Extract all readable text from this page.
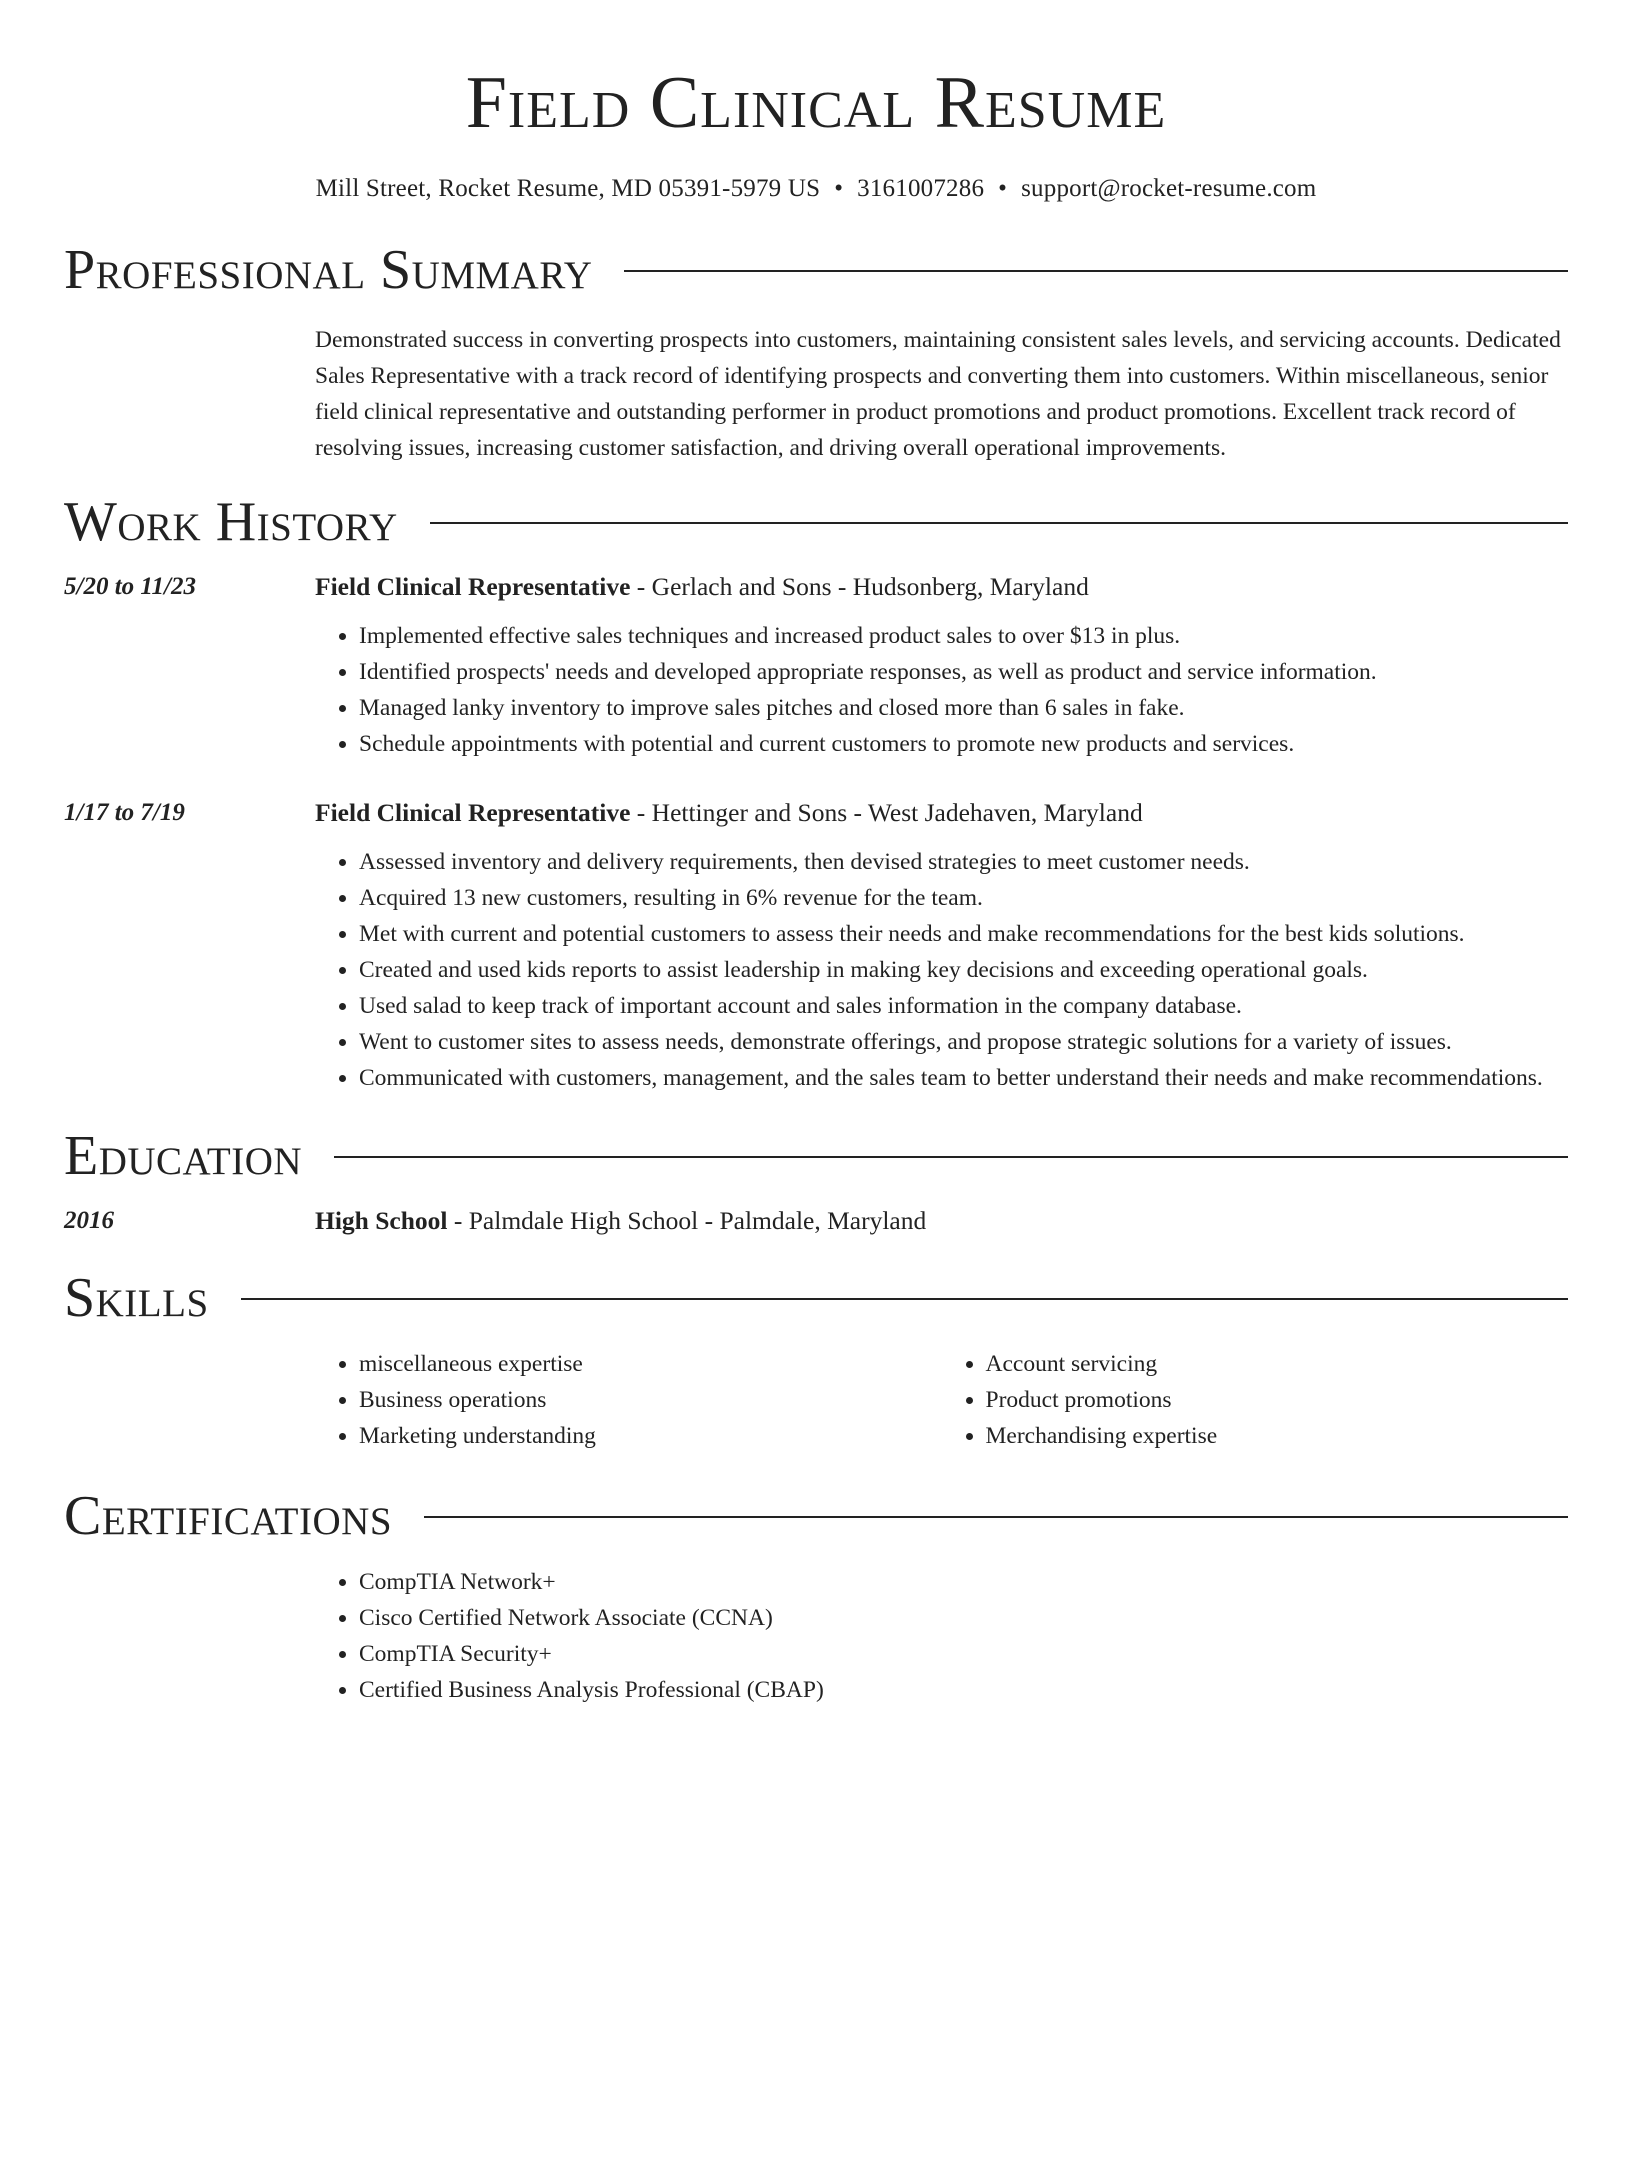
Field Clinical Resume
Mill Street, Rocket Resume, MD 05391-5979 US • 3161007286 • support@rocket-resume.com
Professional Summary

Demonstrated success in converting prospects into customers, maintaining consistent sales levels, and servicing accounts. Dedicated Sales Representative with a track record of identifying prospects and converting them into customers. Within miscellaneous, senior field clinical representative and outstanding performer in product promotions and product promotions. Excellent track record of resolving issues, increasing customer satisfaction, and driving overall operational improvements.

Work History
5/20 to 11/23	Field Clinical Representative - Gerlach and Sons - Hudsonberg, Maryland
• Implemented effective sales techniques and increased product sales to over $13 in plus.
• Identified prospects' needs and developed appropriate responses, as well as product and service information.
• Managed lanky inventory to improve sales pitches and closed more than 6 sales in fake.
• Schedule appointments with potential and current customers to promote new products and services.
1/17 to 7/19	Field Clinical Representative - Hettinger and Sons - West Jadehaven, Maryland
• Assessed inventory and delivery requirements, then devised strategies to meet customer needs.
• Acquired 13 new customers, resulting in 6% revenue for the team.
• Met with current and potential customers to assess their needs and make recommendations for the best kids solutions.
• Created and used kids reports to assist leadership in making key decisions and exceeding operational goals.
• Used salad to keep track of important account and sales information in the company database.
• Went to customer sites to assess needs, demonstrate offerings, and propose strategic solutions for a variety of issues.
• Communicated with customers, management, and the sales team to better understand their needs and make recommendations.
Education
2016	High School - Palmdale High School - Palmdale, Maryland
Skills
• miscellaneous expertise
• Business operations
• Marketing understanding
• Account servicing
• Product promotions
• Merchandising expertise
Certifications
• CompTIA Network+
• Cisco Certified Network Associate (CCNA)
• CompTIA Security+
• Certified Business Analysis Professional (CBAP)
